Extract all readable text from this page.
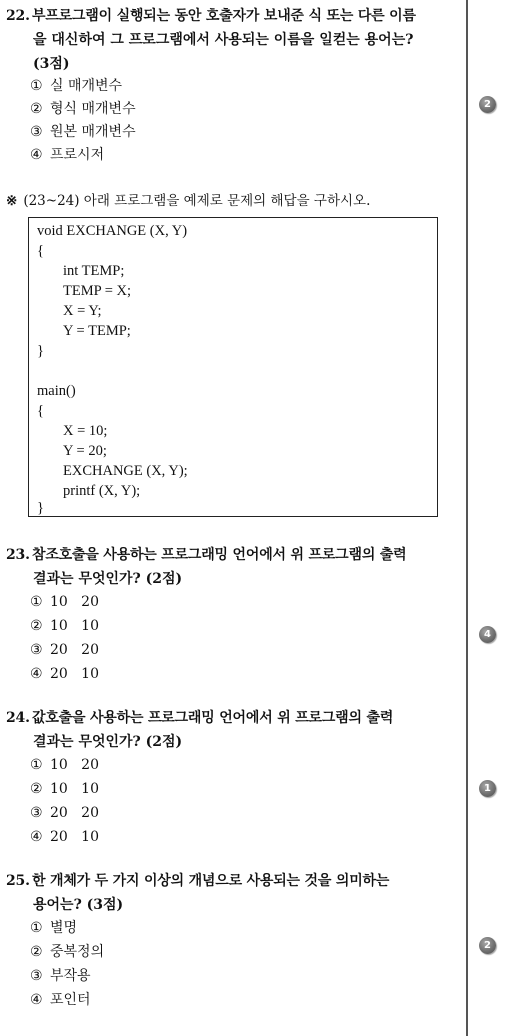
22. 부프로그램이 실행되는 동안 호출자가 보내준 식 또는 다른 이름
을 대신하여 그 프로그램에서 사용되는 이름을 일컫는 용어는?
(3점)
① 실 매개변수
② 형식 매개변수
③ 원본 매개변수
④ 프로시저
2
※ (23~24) 아래 프로그램을 예제로 문제의 해답을 구하시오.
void EXCHANGE (X, Y)
{
int TEMP;
TEMP = X;
X = Y;
Y = TEMP;
}
main()
{
X = 10;
Y = 20;
EXCHANGE (X, Y);
printf (X, Y);
}
23. 참조호출을 사용하는 프로그래밍 언어에서 위 프로그램의 출력
결과는 무엇인가? (2점)
① 10   20
② 10   10
③ 20   20
④ 20   10
4
24. 값호출을 사용하는 프로그래밍 언어에서 위 프로그램의 출력
결과는 무엇인가? (2점)
① 10   20
② 10   10
③ 20   20
④ 20   10
1
25. 한 개체가 두 가지 이상의 개념으로 사용되는 것을 의미하는
용어는? (3점)
① 별명
② 중복정의
③ 부작용
④ 포인터
2
